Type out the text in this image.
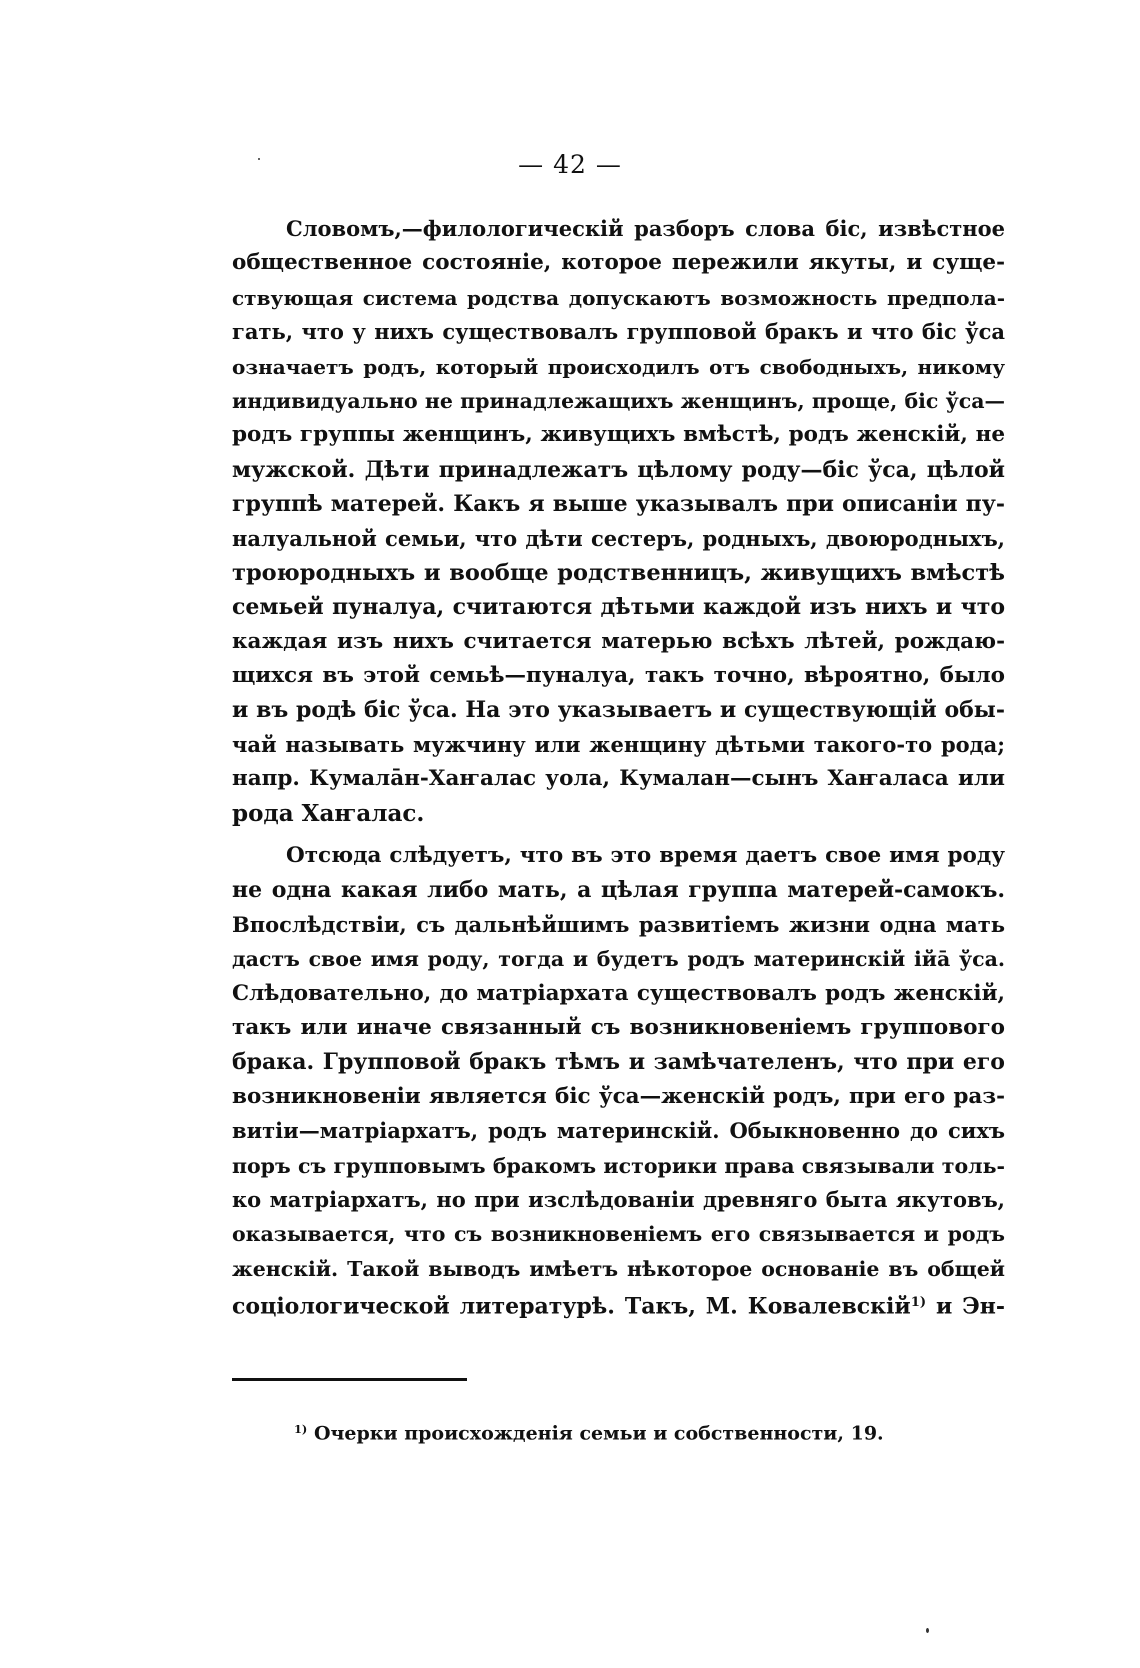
— 42 —
Словомъ,—филологическій разборъ слова біс, извѣстное
общественное состояніе, которое пережили якуты, и суще-
ствующая система родства допускаютъ возможность предпола-
гать, что у нихъ существовалъ групповой бракъ и что біс ўса
означаетъ родъ, который происходилъ отъ свободныхъ, никому
индивидуально не принадлежащихъ женщинъ, проще, біс ўса—
родъ группы женщинъ, живущихъ вмѣстѣ, родъ женскій, не
мужской. Дѣти принадлежатъ цѣлому роду—біс ўса, цѣлой
группѣ матерей. Какъ я выше указывалъ при описаніи пу-
налуальной семьи, что дѣти сестеръ, родныхъ, двоюродныхъ,
троюродныхъ и вообще родственницъ, живущихъ вмѣстѣ
семьей пуналуа, считаются дѣтьми каждой изъ нихъ и что
каждая изъ нихъ считается матерью всѣхъ лѣтей, рождаю-
щихся въ этой семьѣ—пуналуа, такъ точно, вѣроятно, было
и въ родѣ біс ўса. На это указываетъ и существующій обы-
чай называть мужчину или женщину дѣтьми такого-то рода;
напр. Кумалāн-Хаҥалас уола, Кумалан—сынъ Хаҥаласа или
рода Хаҥалас.
Отсюда слѣдуетъ, что въ это время даетъ свое имя роду
не одна какая либо мать, а цѣлая группа матерей-самокъ.
Впослѣдствіи, съ дальнѣйшимъ развитіемъ жизни одна мать
дастъ свое имя роду, тогда и будетъ родъ материнскій ійā ўса.
Слѣдовательно, до матріархата существовалъ родъ женскій,
такъ или иначе связанный съ возникновеніемъ группового
брака. Групповой бракъ тѣмъ и замѣчателенъ, что при его
возникновеніи является біс ўса—женскій родъ, при его раз-
витіи—матріархатъ, родъ материнскій. Обыкновенно до сихъ
поръ съ групповымъ бракомъ историки права связывали толь-
ко матріархатъ, но при изслѣдованіи древняго быта якутовъ,
оказывается, что съ возникновеніемъ его связывается и родъ
женскій. Такой выводъ имѣетъ нѣкоторое основаніе въ общей
соціологической литературѣ. Такъ, М. Ковалевскій$^{1)}$ и Эн-
$^{1)}$ Очерки происхожденія семьи и собственности, 19.
